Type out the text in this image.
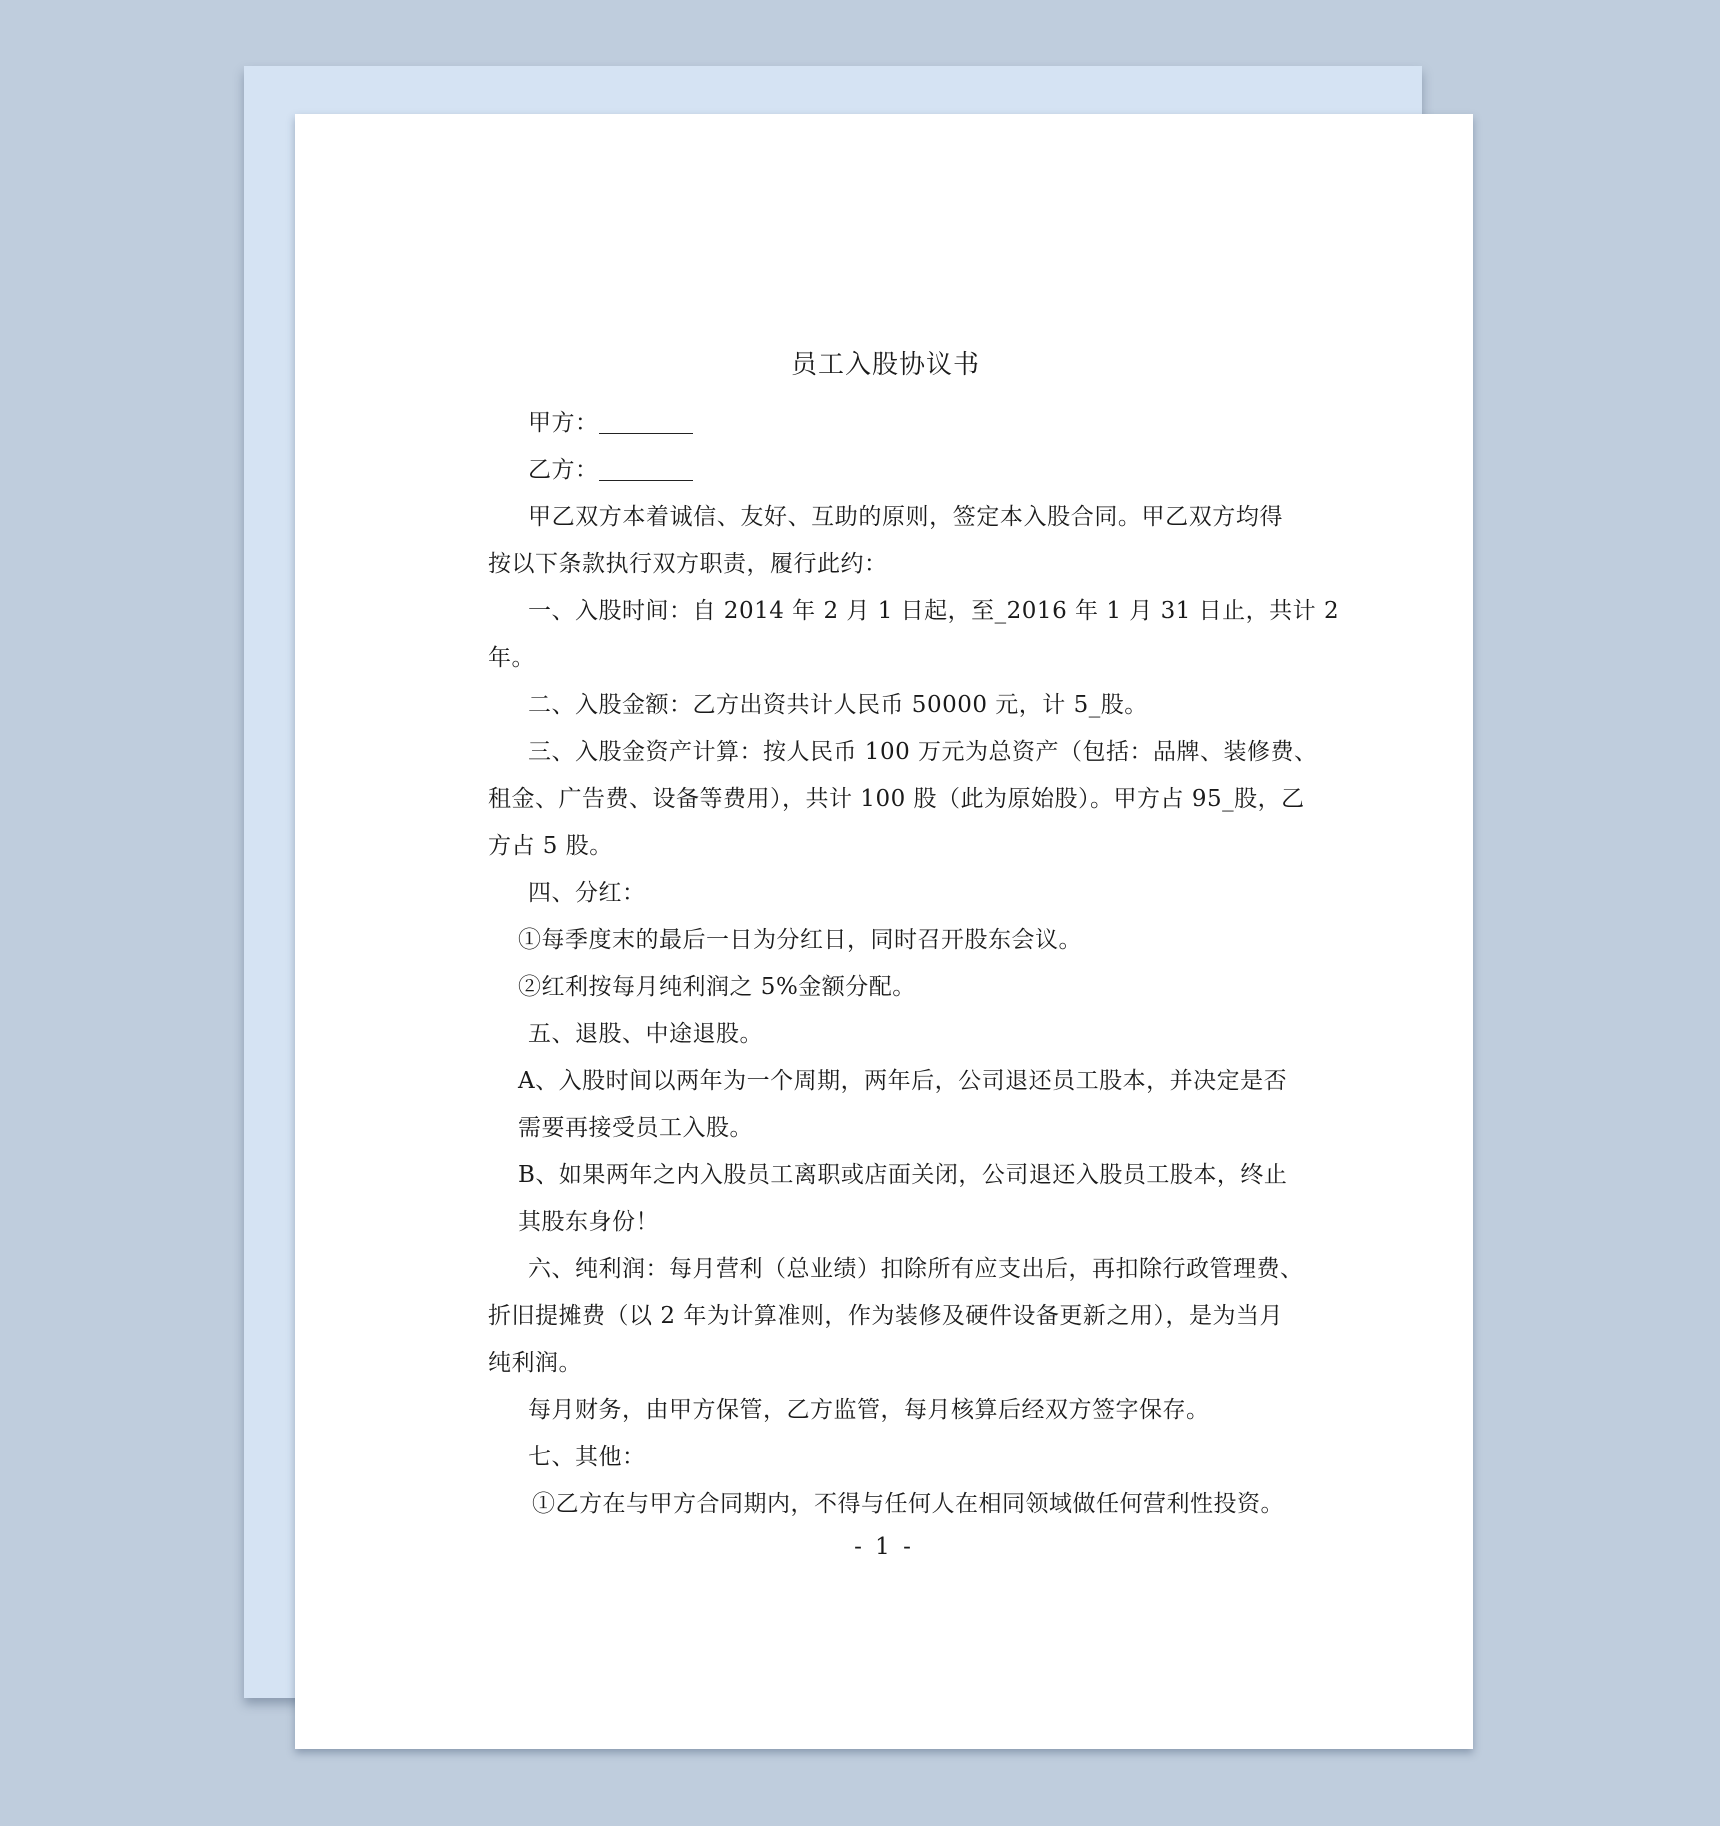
员工入股协议书
甲方：
乙方：
甲乙双方本着诚信、友好、互助的原则，签定本入股合同。甲乙双方均得
按以下条款执行双方职责，履行此约：
一、入股时间：自 2014 年 2 月 1 日起，至_2016 年 1 月 31 日止，共计 2
年。
二、入股金额：乙方出资共计人民币 50000 元，计 5_股。
三、入股金资产计算：按人民币 100 万元为总资产（包括：品牌、装修费、
租金、广告费、设备等费用），共计 100 股（此为原始股）。甲方占 95_股，乙
方占 5 股。
四、分红：
①每季度末的最后一日为分红日，同时召开股东会议。
②红利按每月纯利润之 5%金额分配。
五、退股、中途退股。
A、入股时间以两年为一个周期，两年后，公司退还员工股本，并决定是否
需要再接受员工入股。
B、如果两年之内入股员工离职或店面关闭，公司退还入股员工股本，终止
其股东身份！
六、纯利润：每月营利（总业绩）扣除所有应支出后，再扣除行政管理费、
折旧提摊费（以 2 年为计算准则，作为装修及硬件设备更新之用），是为当月
纯利润。
每月财务，由甲方保管，乙方监管，每月核算后经双方签字保存。
七、其他：
①乙方在与甲方合同期内，不得与任何人在相同领域做任何营利性投资。
- 1 -
